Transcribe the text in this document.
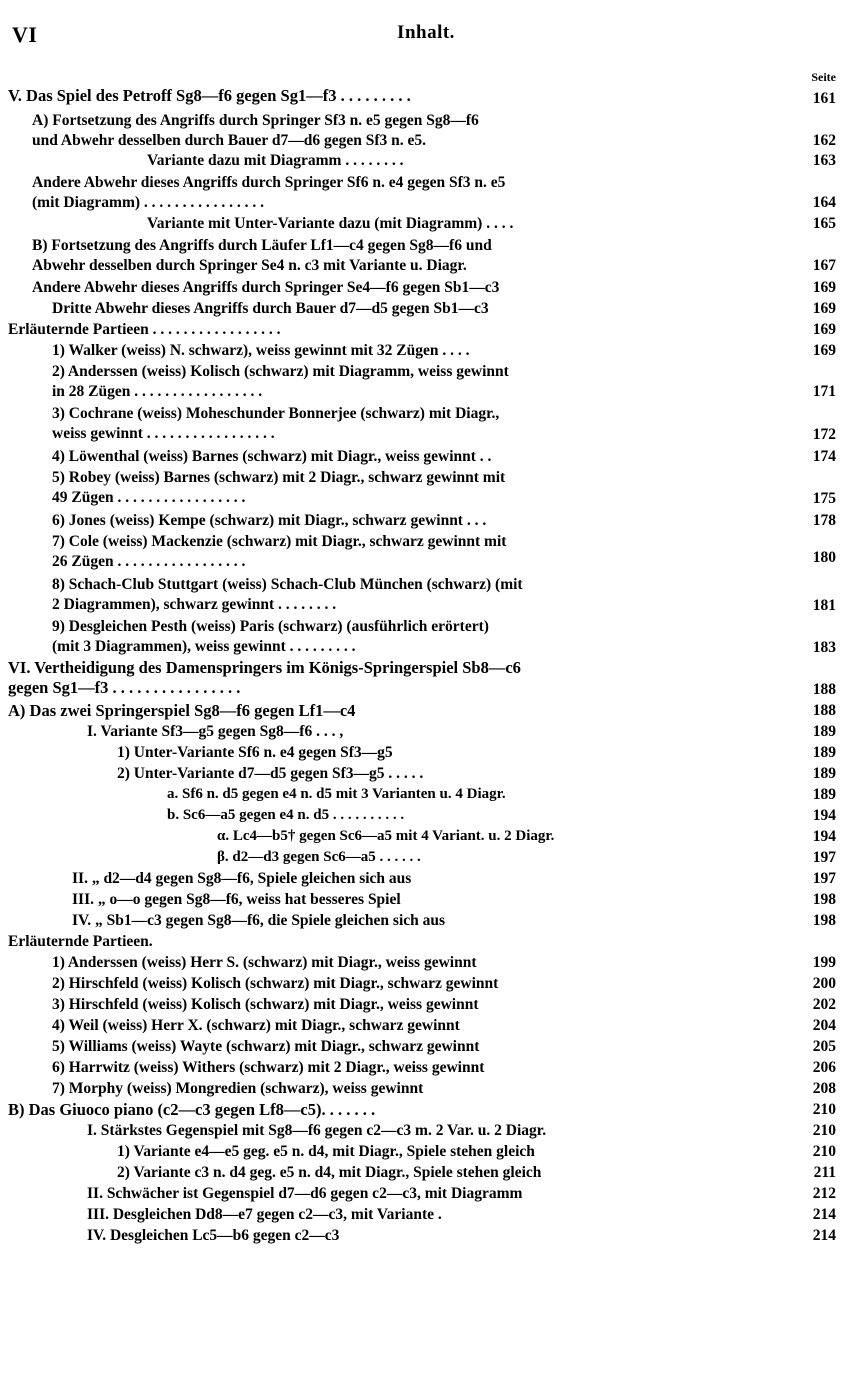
VI	Inhalt.
Seite
V. Das Spiel des Petroff Sg8—f6 gegen Sg1—f3 . . . . . . . . .	161
A) Fortsetzung des Angriffs durch Springer Sf3 n. e5 gegen Sg8—f6
und Abwehr desselben durch Bauer d7—d6 gegen Sf3 n. e5.	162
Variante dazu mit Diagramm . . . . . . . .	163
Andere Abwehr dieses Angriffs durch Springer Sf6 n. e4 gegen Sf3 n. e5
(mit Diagramm) . . . . . . . . . . . . . . . .	164
Variante mit Unter-Variante dazu (mit Diagramm) . . . .	165
B) Fortsetzung des Angriffs durch Läufer Lf1—c4 gegen Sg8—f6 und
Abwehr desselben durch Springer Se4 n. c3 mit Variante u. Diagr.	167
Andere Abwehr dieses Angriffs durch Springer Se4—f6 gegen Sb1—c3	169
Dritte Abwehr dieses Angriffs durch Bauer d7—d5 gegen Sb1—c3	169
Erläuternde Partieen . . . . . . . . . . . . . . . . .	169
1) Walker (weiss) N. schwarz), weiss gewinnt mit 32 Zügen . . . .	169
2) Anderssen (weiss) Kolisch (schwarz) mit Diagramm, weiss gewinnt
in 28 Zügen . . . . . . . . . . . . . . . . .	171
3) Cochrane (weiss) Moheschunder Bonnerjee (schwarz) mit Diagr.,
weiss gewinnt . . . . . . . . . . . . . . . . .	172
4) Löwenthal (weiss) Barnes (schwarz) mit Diagr., weiss gewinnt . .	174
5) Robey (weiss) Barnes (schwarz) mit 2 Diagr., schwarz gewinnt mit
49 Zügen . . . . . . . . . . . . . . . . .	175
6) Jones (weiss) Kempe (schwarz) mit Diagr., schwarz gewinnt . . .	178
7) Cole (weiss) Mackenzie (schwarz) mit Diagr., schwarz gewinnt mit
26 Zügen . . . . . . . . . . . . . . . . .	180
8) Schach-Club Stuttgart (weiss) Schach-Club München (schwarz) (mit
2 Diagrammen), schwarz gewinnt . . . . . . . .	181
9) Desgleichen Pesth (weiss) Paris (schwarz) (ausführlich erörtert)
(mit 3 Diagrammen), weiss gewinnt . . . . . . . . .	183
VI. Vertheidigung des Damenspringers im Königs-Springerspiel Sb8—c6
gegen Sg1—f3 . . . . . . . . . . . . . . . .	188
A) Das zwei Springerspiel Sg8—f6 gegen Lf1—c4	188
I. Variante Sf3—g5 gegen Sg8—f6 . . . ,	189
1) Unter-Variante Sf6 n. e4 gegen Sf3—g5	189
2) Unter-Variante d7—d5 gegen Sf3—g5 . . . . .	189
a. Sf6 n. d5 gegen e4 n. d5 mit 3 Varianten u. 4 Diagr.	189
b. Sc6—a5 gegen e4 n. d5 . . . . . . . . . .	194
α. Lc4—b5† gegen Sc6—a5 mit 4 Variant. u. 2 Diagr.	194
β. d2—d3 gegen Sc6—a5 . . . . . .	197
II. „ d2—d4 gegen Sg8—f6, Spiele gleichen sich aus	197
III. „ o—o gegen Sg8—f6, weiss hat besseres Spiel	198
IV. „ Sb1—c3 gegen Sg8—f6, die Spiele gleichen sich aus	198
Erläuternde Partieen.
1) Anderssen (weiss) Herr S. (schwarz) mit Diagr., weiss gewinnt	199
2) Hirschfeld (weiss) Kolisch (schwarz) mit Diagr., schwarz gewinnt	200
3) Hirschfeld (weiss) Kolisch (schwarz) mit Diagr., weiss gewinnt	202
4) Weil (weiss) Herr X. (schwarz) mit Diagr., schwarz gewinnt	204
5) Williams (weiss) Wayte (schwarz) mit Diagr., schwarz gewinnt	205
6) Harrwitz (weiss) Withers (schwarz) mit 2 Diagr., weiss gewinnt	206
7) Morphy (weiss) Mongredien (schwarz), weiss gewinnt	208
B) Das Giuoco piano (c2—c3 gegen Lf8—c5). . . . . . .	210
I. Stärkstes Gegenspiel mit Sg8—f6 gegen c2—c3 m. 2 Var. u. 2 Diagr.	210
1) Variante e4—e5 geg. e5 n. d4, mit Diagr., Spiele stehen gleich	210
2) Variante c3 n. d4 geg. e5 n. d4, mit Diagr., Spiele stehen gleich	211
II. Schwächer ist Gegenspiel d7—d6 gegen c2—c3, mit Diagramm	212
III. Desgleichen Dd8—e7 gegen c2—c3, mit Variante .	214
IV. Desgleichen Lc5—b6 gegen c2—c3	214
